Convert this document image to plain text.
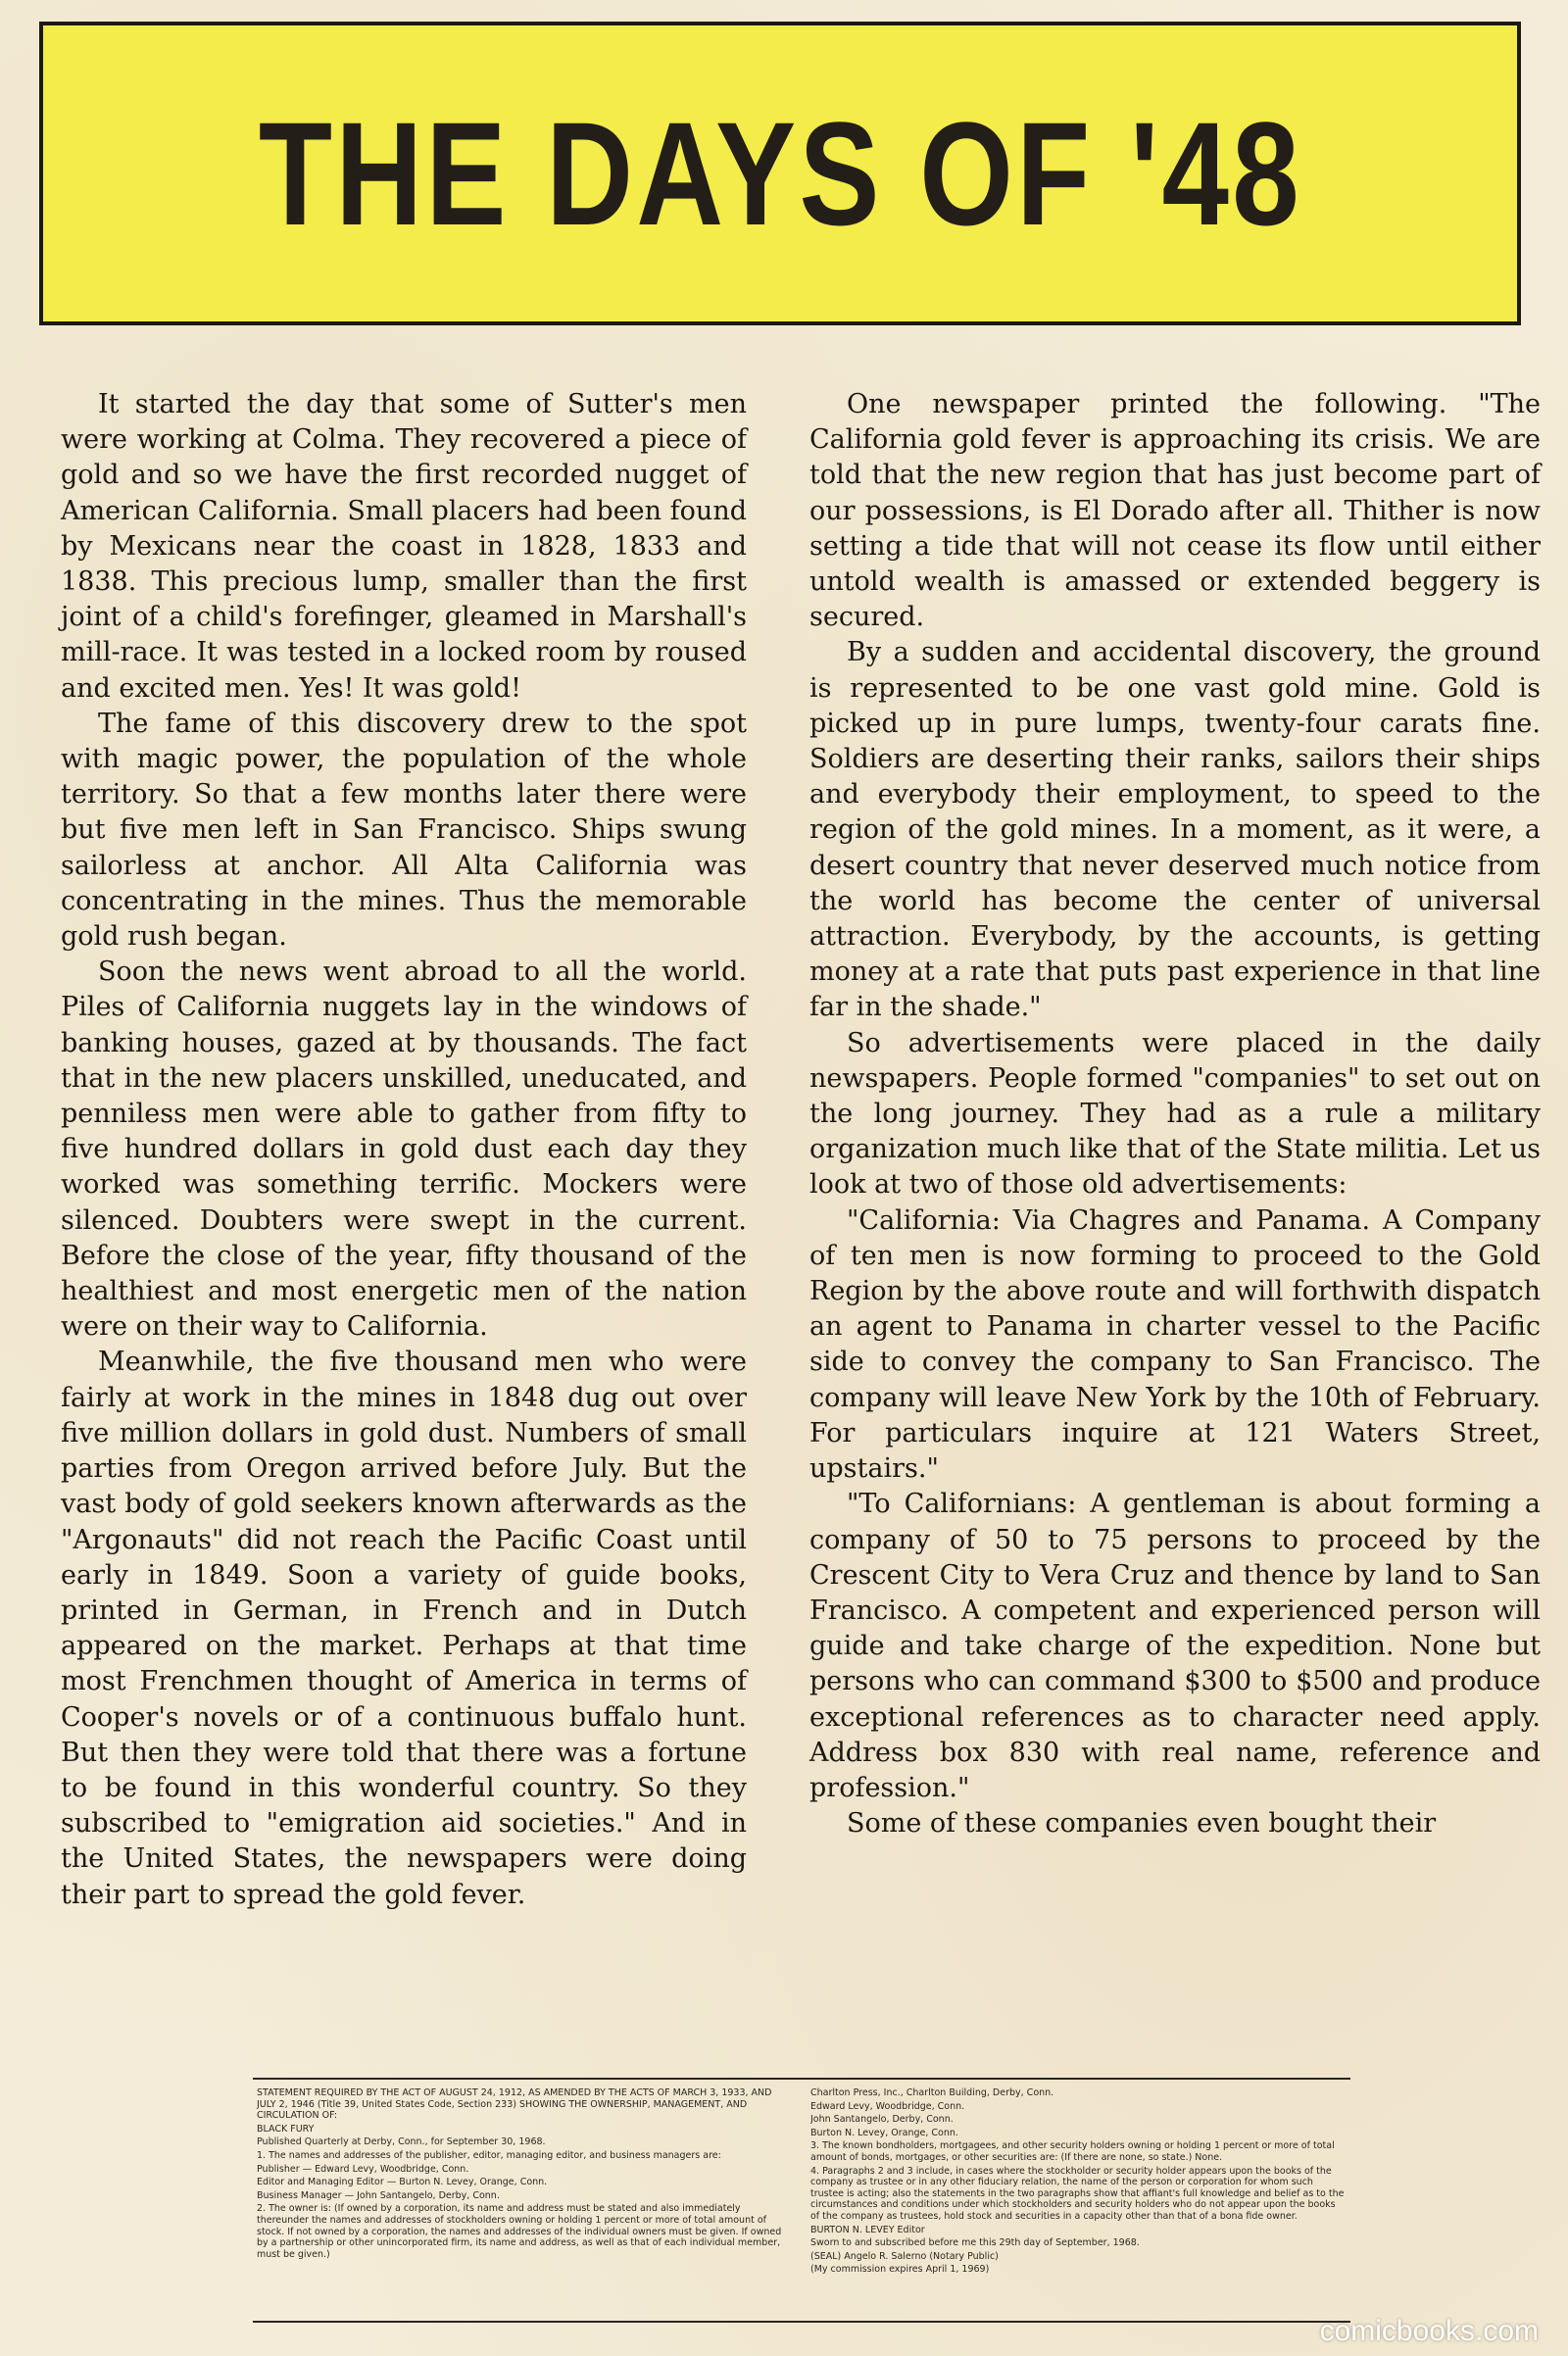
THE DAYS OF '48

It started the day that some of Sutter's men were working at Colma. They recovered a piece of gold and so we have the first recorded nugget of American California. Small placers had been found by Mexicans near the coast in 1828, 1833 and 1838. This precious lump, smaller than the first joint of a child's forefinger, gleamed in Marshall's mill-race. It was tested in a locked room by roused and excited men. Yes! It was gold!

The fame of this discovery drew to the spot with magic power, the population of the whole territory. So that a few months later there were but five men left in San Francisco. Ships swung sailorless at anchor. All Alta California was concentrating in the mines. Thus the memorable gold rush began.

Soon the news went abroad to all the world. Piles of California nuggets lay in the windows of banking houses, gazed at by thousands. The fact that in the new placers unskilled, uneducated, and penniless men were able to gather from fifty to five hundred dollars in gold dust each day they worked was something terrific. Mockers were silenced. Doubters were swept in the current. Before the close of the year, fifty thousand of the healthiest and most energetic men of the nation were on their way to California.

Meanwhile, the five thousand men who were fairly at work in the mines in 1848 dug out over five million dollars in gold dust. Numbers of small parties from Oregon arrived before July. But the vast body of gold seekers known afterwards as the "Argonauts" did not reach the Pacific Coast until early in 1849. Soon a variety of guide books, printed in German, in French and in Dutch appeared on the market. Perhaps at that time most Frenchmen thought of America in terms of Cooper's novels or of a continuous buffalo hunt. But then they were told that there was a fortune to be found in this wonderful country. So they subscribed to "emigration aid societies." And in the United States, the newspapers were doing their part to spread the gold fever.

One newspaper printed the following. "The California gold fever is approaching its crisis. We are told that the new region that has just become part of our possessions, is El Dorado after all. Thither is now setting a tide that will not cease its flow until either untold wealth is amassed or extended beggery is secured.

By a sudden and accidental discovery, the ground is represented to be one vast gold mine. Gold is picked up in pure lumps, twenty-four carats fine. Soldiers are deserting their ranks, sailors their ships and everybody their employment, to speed to the region of the gold mines. In a moment, as it were, a desert country that never deserved much notice from the world has become the center of universal attraction. Everybody, by the accounts, is getting money at a rate that puts past experience in that line far in the shade."

So advertisements were placed in the daily newspapers. People formed "companies" to set out on the long journey. They had as a rule a military organization much like that of the State militia. Let us look at two of those old advertisements:

"California: Via Chagres and Panama. A Company of ten men is now forming to proceed to the Gold Region by the above route and will forthwith dispatch an agent to Panama in charter vessel to the Pacific side to convey the company to San Francisco. The company will leave New York by the 10th of February. For particulars inquire at 121 Waters Street, upstairs."

"To Californians: A gentleman is about forming a company of 50 to 75 persons to proceed by the Crescent City to Vera Cruz and thence by land to San Francisco. A competent and experienced person will guide and take charge of the expedition. None but persons who can command $300 to $500 and produce exceptional references as to character need apply. Address box 830 with real name, reference and profession."

Some of these companies even bought their

STATEMENT REQUIRED BY THE ACT OF AUGUST 24, 1912, AS AMENDED BY THE ACTS OF MARCH 3, 1933, AND JULY 2, 1946 (Title 39, United States Code, Section 233) SHOWING THE OWNERSHIP, MANAGEMENT, AND CIRCULATION OF:

BLACK FURY

Published Quarterly at Derby, Conn., for September 30, 1968.

1. The names and addresses of the publisher, editor, managing editor, and business managers are:

Publisher — Edward Levy, Woodbridge, Conn.

Editor and Managing Editor — Burton N. Levey, Orange, Conn.

Business Manager — John Santangelo, Derby, Conn.

2. The owner is: (If owned by a corporation, its name and address must be stated and also immediately thereunder the names and addresses of stockholders owning or holding 1 percent or more of total amount of stock. If not owned by a corporation, the names and addresses of the individual owners must be given. If owned by a partnership or other unincorporated firm, its name and address, as well as that of each individual member, must be given.)

Charlton Press, Inc., Charlton Building, Derby, Conn.

Edward Levy, Woodbridge, Conn.

John Santangelo, Derby, Conn.

Burton N. Levey, Orange, Conn.

3. The known bondholders, mortgagees, and other security holders owning or holding 1 percent or more of total amount of bonds, mortgages, or other securities are: (If there are none, so state.) None.

4. Paragraphs 2 and 3 include, in cases where the stockholder or security holder appears upon the books of the company as trustee or in any other fiduciary relation, the name of the person or corporation for whom such trustee is acting; also the statements in the two paragraphs show that affiant's full knowledge and belief as to the circumstances and conditions under which stockholders and security holders who do not appear upon the books of the company as trustees, hold stock and securities in a capacity other than that of a bona fide owner.

BURTON N. LEVEY Editor

Sworn to and subscribed before me this 29th day of September, 1968.

(SEAL) Angelo R. Salerno (Notary Public)

(My commission expires April 1, 1969)

comicbooks.com
